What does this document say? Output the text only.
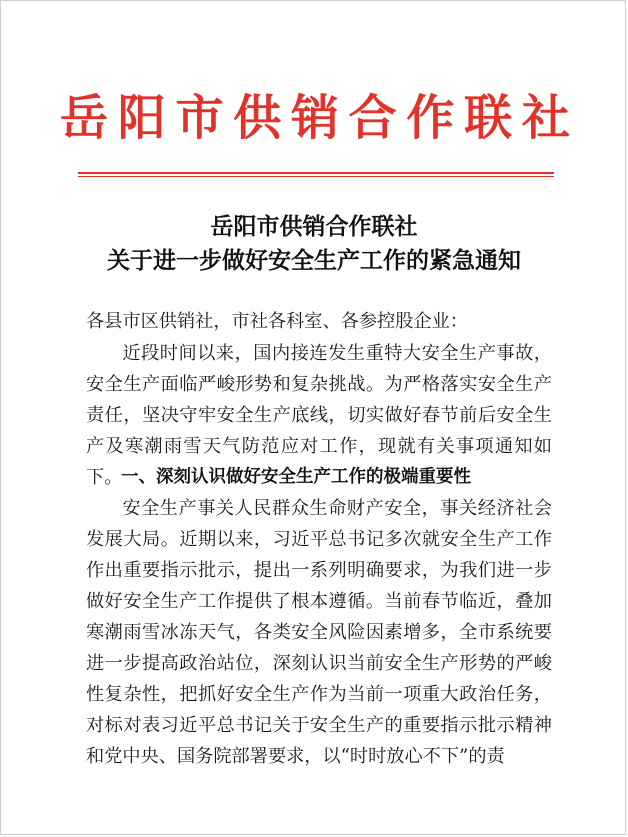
岳 阳 市 供 销 合 作 联 社
岳阳市供销合作联社
关于进一步做好安全生产工作的紧急通知
各县市区供销社，市社各科室、各参控股企业：

近段时间以来，国内接连发生重特大安全生产事故，安全生产面临严峻形势和复杂挑战。为严格落实安全生产责任，坚决守牢安全生产底线，切实做好春节前后安全生产及寒潮雨雪天气防范应对工作，现就有关事项通知如下。

一、深刻认识做好安全生产工作的极端重要性

安全生产事关人民群众生命财产安全，事关经济社会发展大局。近期以来，习近平总书记多次就安全生产工作作出重要指示批示，提出一系列明确要求，为我们进一步做好安全生产工作提供了根本遵循。当前春节临近，叠加寒潮雨雪冰冻天气，各类安全风险因素增多，全市系统要进一步提高政治站位，深刻认识当前安全生产形势的严峻性复杂性，把抓好安全生产作为当前一项重大政治任务，对标对表习近平总书记关于安全生产的重要指示批示精神和党中央、国务院部署要求，以“时时放心不下”的责
